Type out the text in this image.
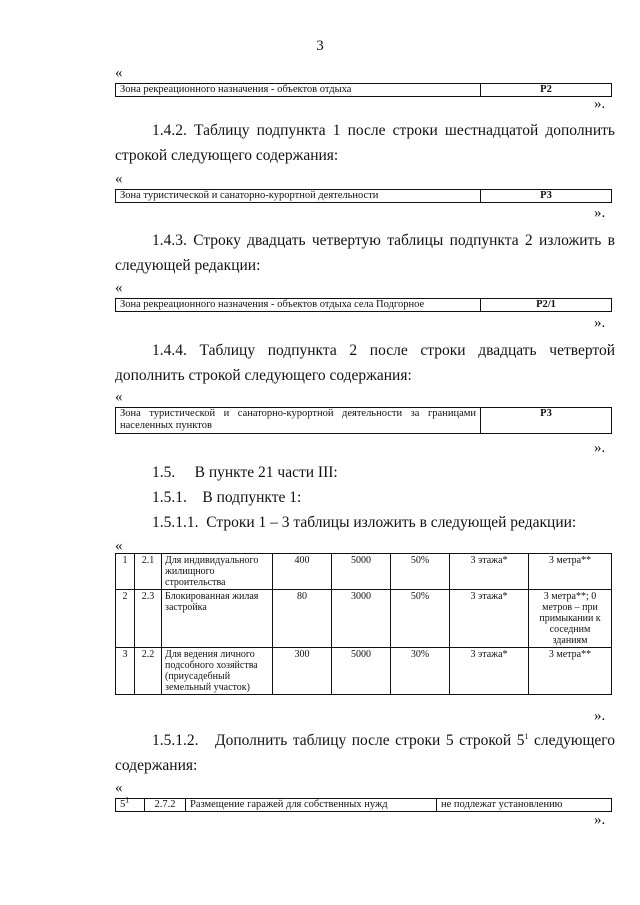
3
«
Зона рекреационного назначения - объектов отдыха	Р2
».

1.4.2. Таблицу подпункта 1 после строки шестнадцатой дополнить строкой следующего содержания:

«
Зона туристической и санаторно-курортной деятельности	Р3
».

1.4.3. Строку двадцать четвертую таблицы подпункта 2 изложить в следующей редакции:

«
Зона рекреационного назначения - объектов отдыха села Подгорное	Р2/1
».

1.4.4. Таблицу подпункта 2 после строки двадцать четвертой дополнить строкой следующего содержания:

«
Зона туристической и санаторно-курортной деятельности за границами населенных пунктов	Р3
».

1.5.     В пункте 21 части III:

1.5.1.    В подпункте 1:

1.5.1.1.  Строки 1 – 3 таблицы изложить в следующей редакции:

«
1	2.1	Для индивидуального жилищного строительства	400	5000	50%	3 этажа*	3 метра**
2	2.3	Блокированная жилая застройка	80	3000	50%	3 этажа*	3 метра**; 0 метров – при примыкании к соседним зданиям
3	2.2	Для ведения личного подсобного хозяйства (приусадебный земельный участок)	300	5000	30%	3 этажа*	3 метра**
».

1.5.1.2.   Дополнить таблицу после строки 5 строкой $5^1$ следующего содержания:

«
$5^1$	2.7.2	Размещение гаражей для собственных нужд	не подлежат установлению
».
